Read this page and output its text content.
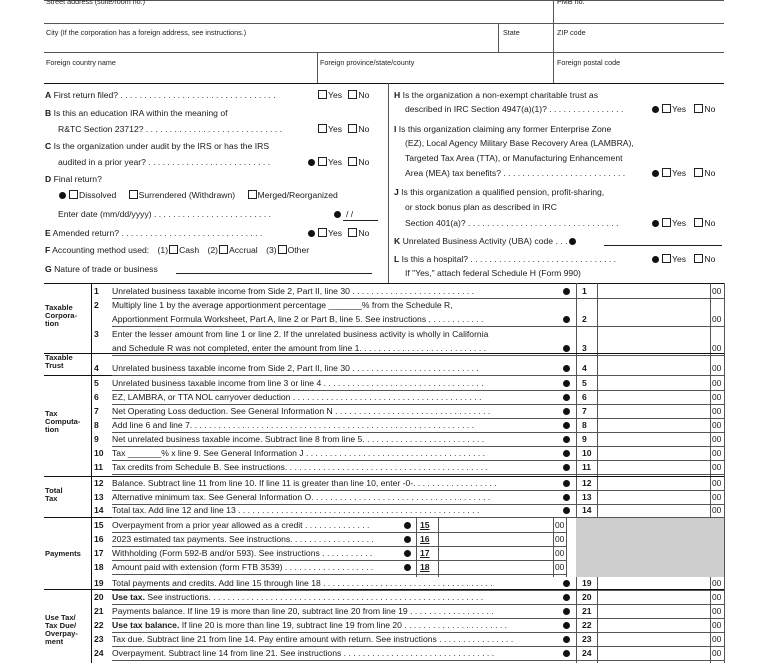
Street address (suite/room no.)	PMB no.
City (If the corporation has a foreign address, see instructions.)	State	ZIP code
Foreign country name	Foreign province/state/county	Foreign postal code
A First return filed? . . . . . . . . . . . . . . . . . . . . . . . . . . . . . . . . .	Yes No
B Is this an education IRA within the meaning of
R&TC Section 23712? . . . . . . . . . . . . . . . . . . . . . . . . . . . . .	Yes No
C Is the organization under audit by the IRS or has the IRS
audited in a prior year? . . . . . . . . . . . . . . . . . . . . . . . . . .	Yes No
D Final return?
Dissolved	Surrendered (Withdrawn)	Merged/Reorganized
Enter date (mm/dd/yyyy) . . . . . . . . . . . . . . . . . . . . . . . . .	/ /
E Amended return? . . . . . . . . . . . . . . . . . . . . . . . . . . . . . .	Yes No
F Accounting method used: (1) Cash (2) Accrual (3) Other
G Nature of trade or business
H Is the organization a non-exempt charitable trust as
described in IRC Section 4947(a)(1)? . . . . . . . . . . . . . . . .	Yes No
I Is this organization claiming any former Enterprise Zone
(EZ), Local Agency Military Base Recovery Area (LAMBRA),
Targeted Tax Area (TTA), or Manufacturing Enhancement
Area (MEA) tax benefits? . . . . . . . . . . . . . . . . . . . . . . . . . .	Yes No
J Is this organization a qualified pension, profit-sharing,
or stock bonus plan as described in IRC
Section 401(a)? . . . . . . . . . . . . . . . . . . . . . . . . . . . . . . . .	Yes No
K Unrelated Business Activity (UBA) code . . .
L Is this a hospital? . . . . . . . . . . . . . . . . . . . . . . . . . . . . . . .	Yes No
If "Yes," attach federal Schedule H (Form 990)
Taxable
Corpora-
tion
Taxable
Trust
Tax
Computa-
tion
Total
Tax
Payments
Use Tax/
Tax Due/
Overpay-
ment
1 Unrelated business taxable income from Side 2, Part II, line 30 . . . . . . . . . . . . . . . . . . . . . . . . . .	1	00
2 Multiply line 1 by the average apportionment percentage _______% from the Schedule R,
Apportionment Formula Worksheet, Part A, line 2 or Part B, line 5. See instructions . . . . . . . . . . . .	2	00
3 Enter the lesser amount from line 1 or line 2. If the unrelated business activity is wholly in California
and Schedule R was not completed, enter the amount from line 1. . . . . . . . . . . . . . . . . . . . . . . . . . .	3	00
4 Unrelated business taxable income from Side 2, Part II, line 30 . . . . . . . . . . . . . . . . . . . . . . . . . . .	4	00
5 Unrelated business taxable income from line 3 or line 4 . . . . . . . . . . . . . . . . . . . . . . . . . . . . . . . . . .	5	00
6 EZ, LAMBRA, or TTA NOL carryover deduction . . . . . . . . . . . . . . . . . . . . . . . . . . . . . . . . . . . . . . . .	6	00
7 Net Operating Loss deduction. See General Information N . . . . . . . . . . . . . . . . . . . . . . . . . . . . . . . . .	7	00
8 Add line 6 and line 7. . . . . . . . . . . . . . . . . . . . . . . . . . . . . . . . . . . . . . . . . . . . . . . . . . . . . . . . . . . .	8	00
9 Net unrelated business taxable income. Subtract line 8 from line 5. . . . . . . . . . . . . . . . . . . . . . . . . .	9	00
10 Tax _______% x line 9. See General Information J . . . . . . . . . . . . . . . . . . . . . . . . . . . . . . . . . . . . . .	10	00
11 Tax credits from Schedule B. See instructions. . . . . . . . . . . . . . . . . . . . . . . . . . . . . . . . . . . . . . . . . . .	11	00
12 Balance. Subtract line 11 from line 10. If line 11 is greater than line 10, enter -0-. . . . . . . . . . . . . . . . . .	12	00
13 Alternative minimum tax. See General Information O. . . . . . . . . . . . . . . . . . . . . . . . . . . . . . . . . . . . . .	13	00
14 Total tax. Add line 12 and line 13 . . . . . . . . . . . . . . . . . . . . . . . . . . . . . . . . . . . . . . . . . . . . . . . . . . .	14	00
15 Overpayment from a prior year allowed as a credit . . . . . . . . . . . . . .	15	00
16 2023 estimated tax payments. See instructions. . . . . . . . . . . . . . . . . .	16	00
17 Withholding (Form 592-B and/or 593). See instructions . . . . . . . . . . .	17	00
18 Amount paid with extension (form FTB 3539) . . . . . . . . . . . . . . . . . . .	18	00
19 Total payments and credits. Add line 15 through line 18 . . . . . . . . . . . . . . . . . . . . . . . . . . . . . . . . . . . .	19	00
20 Use tax. See instructions. . . . . . . . . . . . . . . . . . . . . . . . . . . . . . . . . . . . . . . . . . . . . . . . . . . . . . . . . .	20	00
21 Payments balance. If line 19 is more than line 20, subtract line 20 from line 19 . . . . . . . . . . . . . . . . . .	21	00
22 Use tax balance. If line 20 is more than line 19, subtract line 19 from line 20 . . . . . . . . . . . . . . . . . . . . . .	22	00
23 Tax due. Subtract line 21 from line 14. Pay entire amount with return. See instructions . . . . . . . . . . . . . . . .	23	00
24 Overpayment. Subtract line 14 from line 21. See instructions . . . . . . . . . . . . . . . . . . . . . . . . . . . . . . . .	24	00
